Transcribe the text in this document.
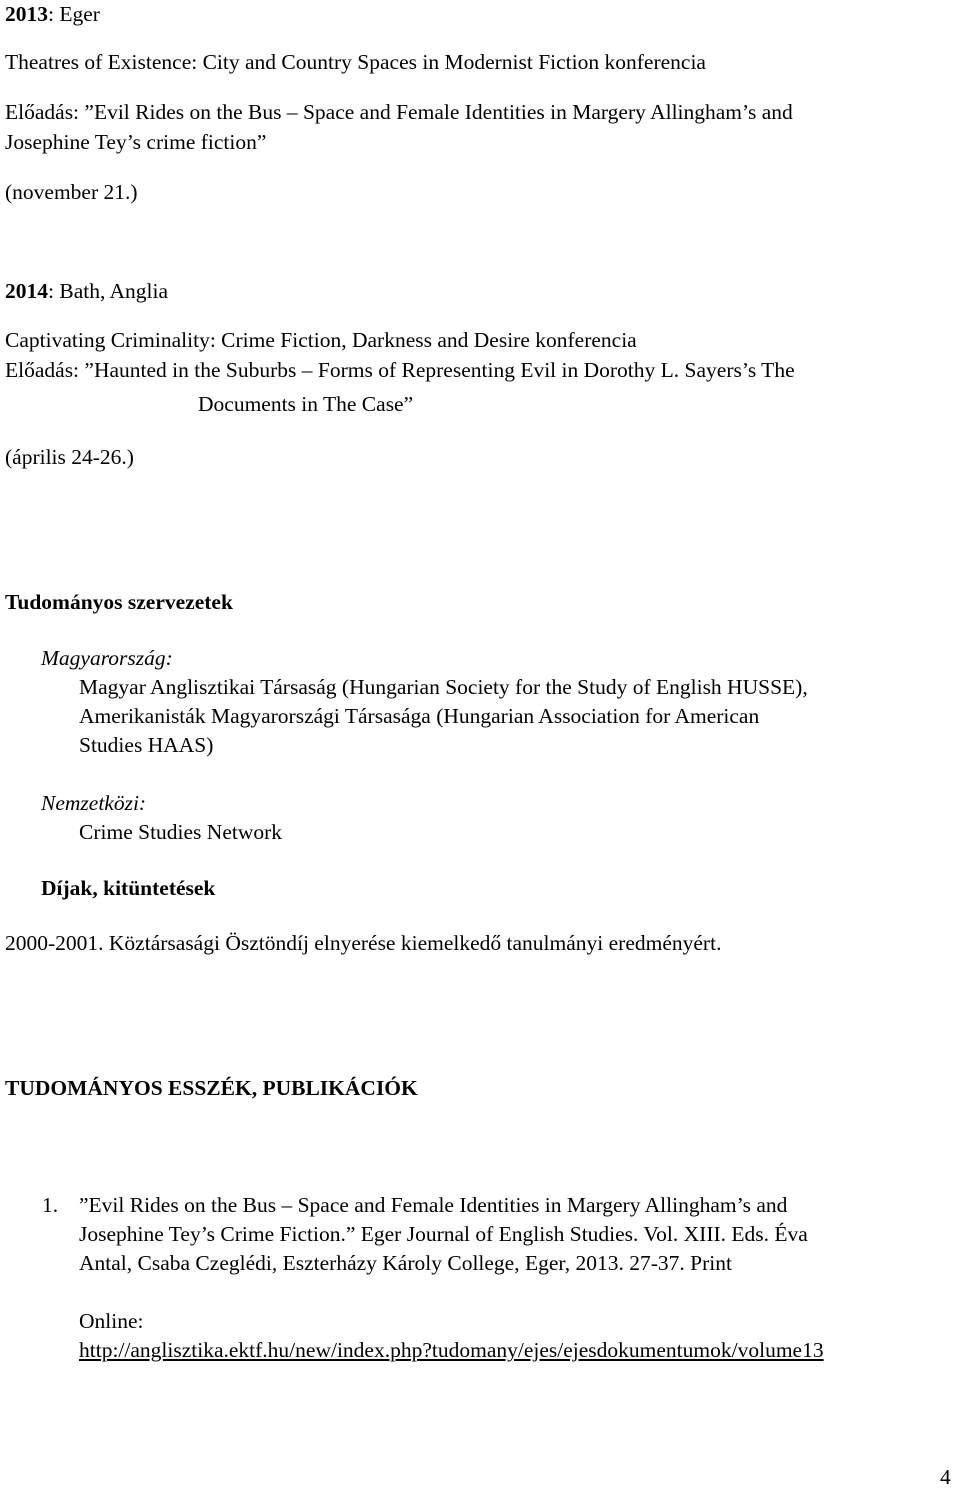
2013: Eger
Theatres of Existence: City and Country Spaces in Modernist Fiction konferencia
Előadás: ”Evil Rides on the Bus – Space and Female Identities in Margery Allingham’s and
Josephine Tey’s crime fiction”
(november 21.)
2014: Bath, Anglia
Captivating Criminality: Crime Fiction, Darkness and Desire konferencia
Előadás: ”Haunted in the Suburbs – Forms of Representing Evil in Dorothy L. Sayers’s The
Documents in The Case”
(április 24-26.)
Tudományos szervezetek
Magyarország:
Magyar Anglisztikai Társaság (Hungarian Society for the Study of English HUSSE),
Amerikanisták Magyarországi Társasága (Hungarian Association for American
Studies HAAS)
Nemzetközi:
Crime Studies Network
Díjak, kitüntetések
2000-2001. Köztársasági Ösztöndíj elnyerése kiemelkedő tanulmányi eredményért.
TUDOMÁNYOS ESSZÉK, PUBLIKÁCIÓK
1. ”Evil Rides on the Bus – Space and Female Identities in Margery Allingham’s and
Josephine Tey’s Crime Fiction.” Eger Journal of English Studies. Vol. XIII. Eds. Éva
Antal, Csaba Czeglédi, Eszterházy Károly College, Eger, 2013. 27-37. Print
Online:
http://anglisztika.ektf.hu/new/index.php?tudomany/ejes/ejesdokumentumok/volume13
4
